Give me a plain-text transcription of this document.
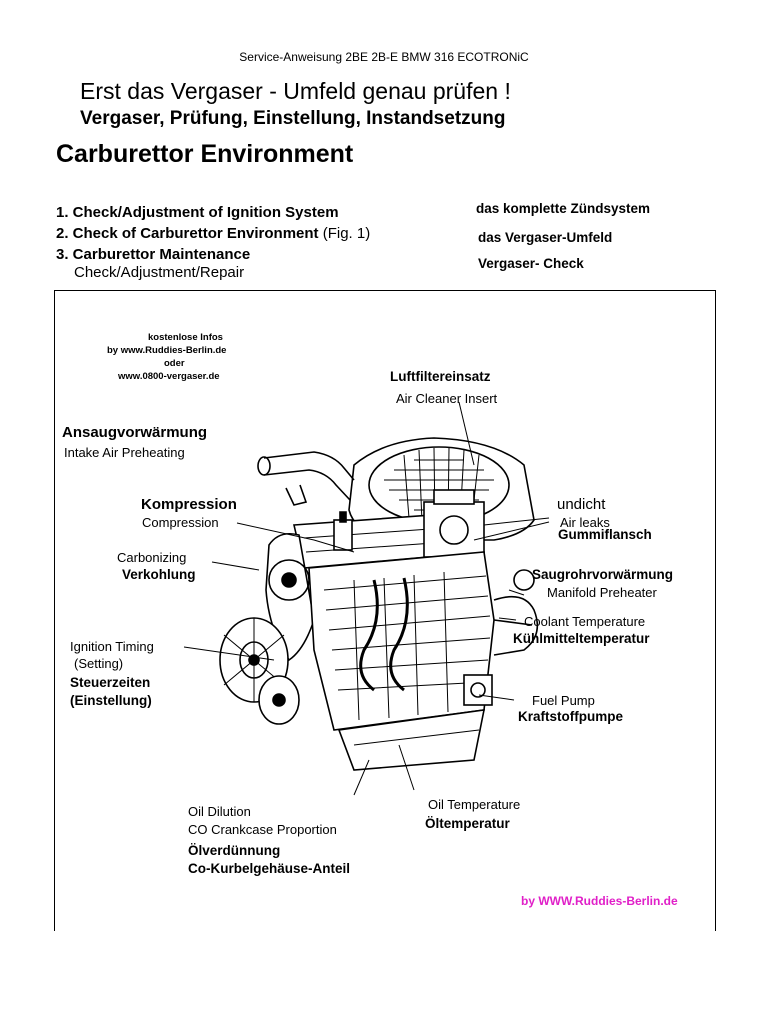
Service-Anweisung 2BE 2B-E BMW 316 ECOTRONiC
Erst das Vergaser - Umfeld genau prüfen !
Vergaser, Prüfung, Einstellung, Instandsetzung
Carburettor Environment
1. Check/Adjustment of Ignition System
2. Check of Carburettor Environment (Fig. 1)
3. Carburettor Maintenance
Check/Adjustment/Repair
das komplette Zündsystem
das Vergaser-Umfeld
Vergaser- Check
kostenlose Infos
by www.Ruddies-Berlin.de
oder
www.0800-vergaser.de	Luftfiltereinsatz
Air Cleaner Insert
Ansaugvorwärmung
Intake Air Preheating
Kompression
Compression
undicht
Air leaks
Gummiflansch
Carbonizing
Verkohlung	Saugrohrvorwärmung
Manifold Preheater
Coolant Temperature
Kühlmitteltemperatur
Ignition Timing
(Setting)
Steuerzeiten
(Einstellung)	Fuel Pump
Kraftstoffpumpe
Oil Dilution
CO Crankcase Proportion
Ölverdünnung
Co-Kurbelgehäuse-Anteil
Oil Temperature
Öltemperatur
by WWW.Ruddies-Berlin.de
